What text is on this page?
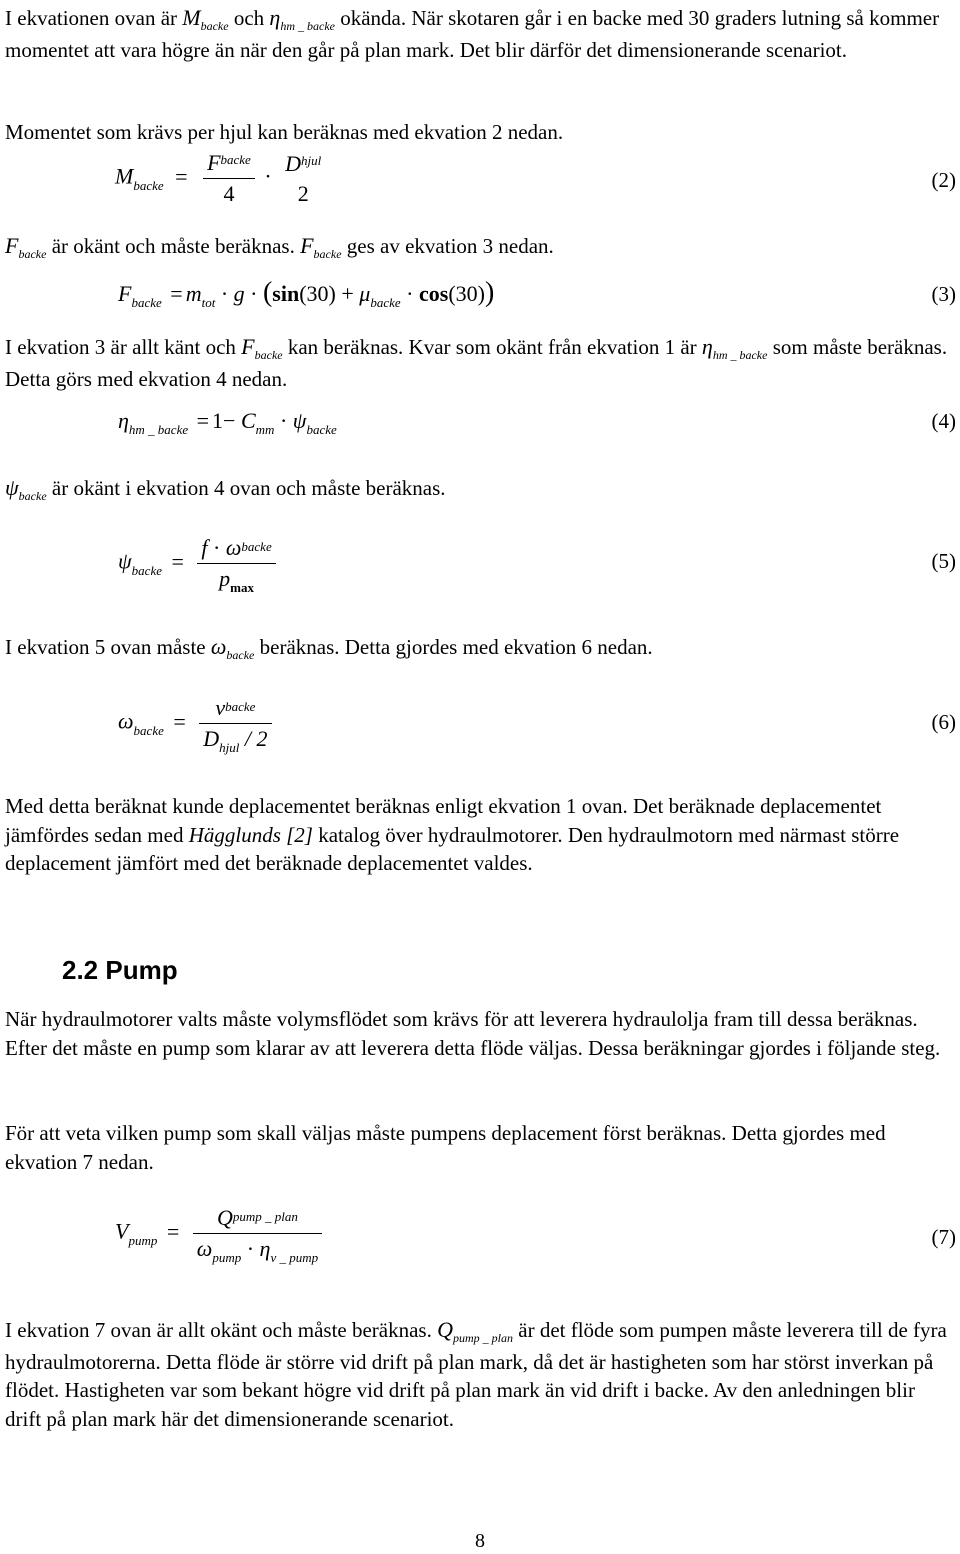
I ekvationen ovan är $M_{backe}$ och $\eta_{hm \_ backe}$ okända. När skotaren går i en backe med 30 graders lutning så kommer momentet att vara högre än när den går på plan mark. Det blir därför det dimensionerande scenariot.

Momentet som krävs per hjul kan beräknas med ekvation 2 nedan.

$M_{backe} = \frac{F^{backe}}{4}$ ·
$D^{hjul}$
2
(2)

$F_{backe}$ är okänt och måste beräknas. $F_{backe}$ ges av ekvation 3 nedan.

$F_{backe} = m_{tot} \cdot g \cdot (\sin(30) + \mu_{backe} \cdot \cos(30))$	(3)

I ekvation 3 är allt känt och $F_{backe}$ kan beräknas. Kvar som okänt från ekvation 1 är $\eta_{hm \_ backe}$ som måste beräknas. Detta görs med ekvation 4 nedan.

$\eta_{hm \_ backe} = 1- C_{mm} \cdot \psi_{backe}$	(4)

$\psi_{backe}$ är okänt i ekvation 4 ovan och måste beräknas.

$\psi_{backe} = \frac{\text{f · ωbacke}}{p_{max}}$	(5)

I ekvation 5 ovan måste $\omega_{backe}$ beräknas. Detta gjordes med ekvation 6 nedan.

$\omega_{backe} = \frac{\text{vbacke}}{D_{hjul} / 2}$	(6)

Med detta beräknat kunde deplacementet beräknas enligt ekvation 1 ovan. Det beräknade deplacementet jämfördes sedan med Hägglunds [2] katalog över hydraulmotorer. Den hydraulmotorn med närmast större deplacement jämfört med det beräknade deplacementet valdes.

2.2 Pump

När hydraulmotorer valts måste volymsflödet som krävs för att leverera hydraulolja fram till dessa beräknas. Efter det måste en pump som klarar av att leverera detta flöde väljas. Dessa beräkningar gjordes i följande steg.

För att veta vilken pump som skall väljas måste pumpens deplacement först beräknas. Detta gjordes med ekvation 7 nedan.

$V_{pump} = \frac{\text{Qpump \_ plan}}{\omega_{pump} \cdot \eta_{v \_ pump}}$	(7)

I ekvation 7 ovan är allt okänt och måste beräknas. $Q_{pump \_ plan}$ är det flöde som pumpen måste leverera till de fyra hydraulmotorerna. Detta flöde är större vid drift på plan mark, då det är hastigheten som har störst inverkan på flödet. Hastigheten var som bekant högre vid drift på plan mark än vid drift i backe. Av den anledningen blir drift på plan mark här det dimensionerande scenariot.

8
